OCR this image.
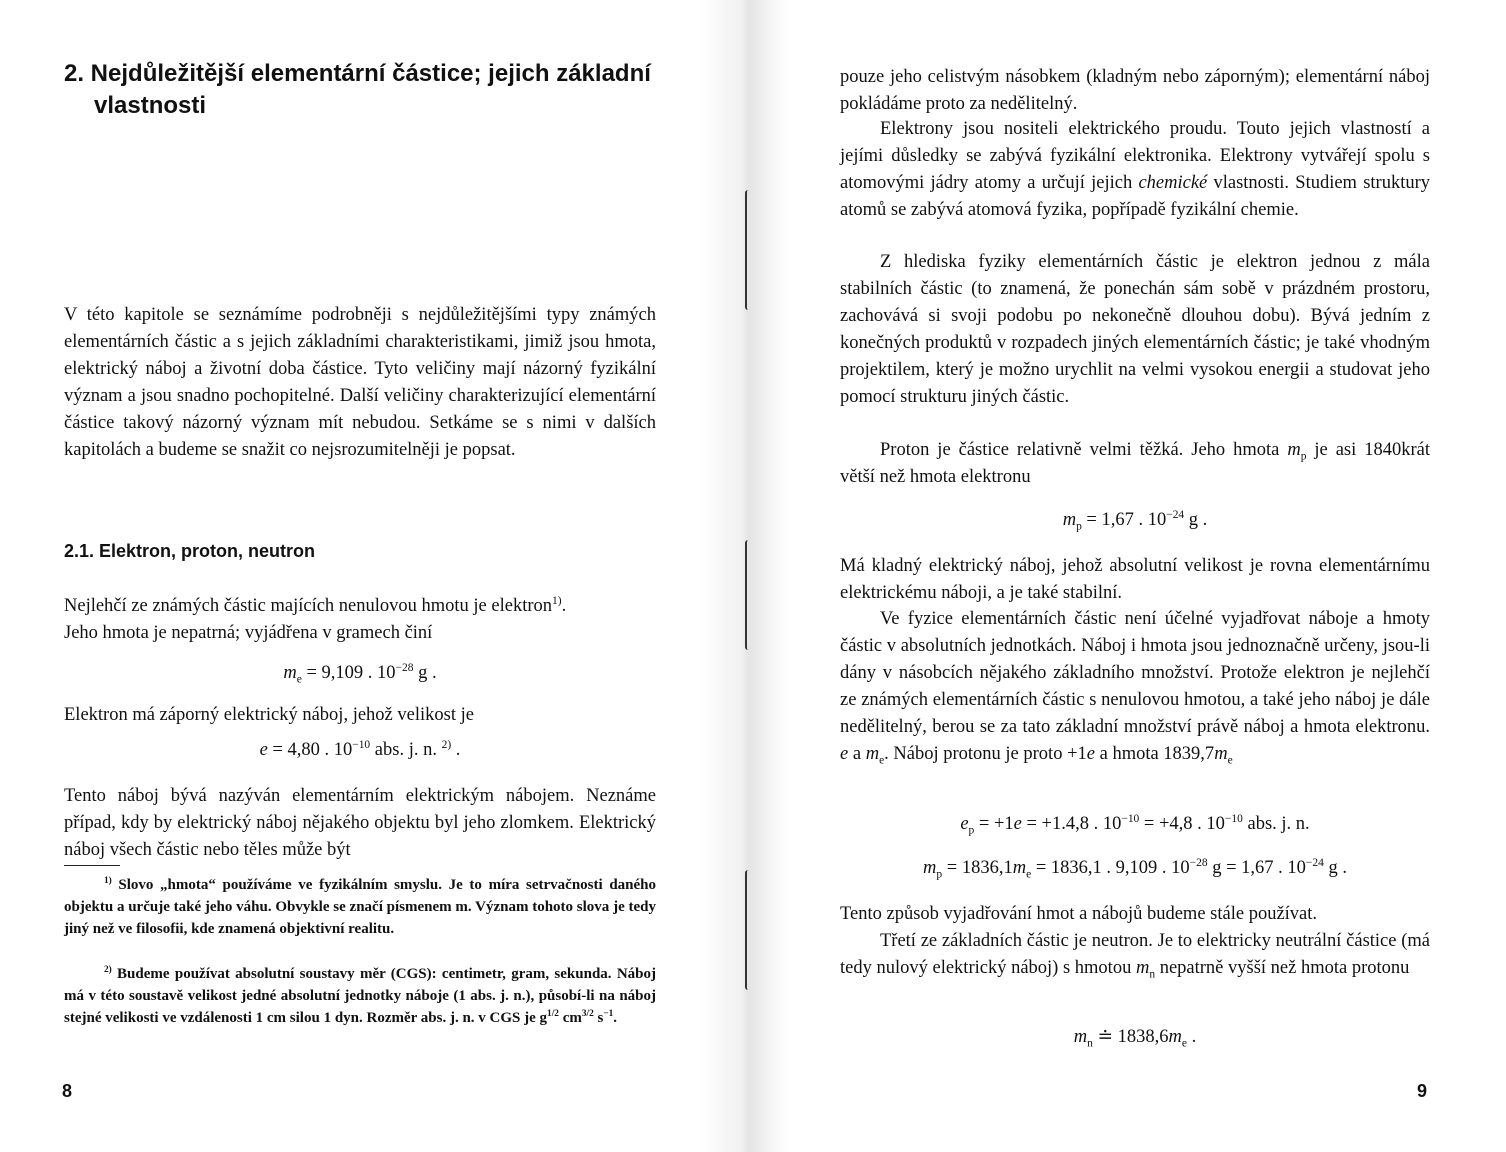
2. Nejdůležitější elementární částice; jejich základní vlastnosti

V této kapitole se seznámíme podrobněji s nejdůležitějšími typy známých elementárních částic a s jejich základními charakteristikami, jimiž jsou hmota, elektrický náboj a životní doba částice. Tyto veličiny mají názorný fyzikální význam a jsou snadno pochopitelné. Další veličiny charakterizující elementární částice takový názorný význam mít nebudou. Setkáme se s nimi v dalších kapitolách a budeme se snažit co nejsrozumitelněji je popsat.

2.1. Elektron, proton, neutron

Nejlehčí ze známých částic majících nenulovou hmotu je elektron$^{1)}$.
Jeho hmota je nepatrná; vyjádřena v gramech činí

$m_e = 9,109$ . $10^{-28}$ g .

Elektron má záporný elektrický náboj, jehož velikost je

e = 4,80 . $10^{-10}$ abs. j. n. $^{2)}$ .

Tento náboj bývá nazýván elementárním elektrickým nábojem. Neznáme případ, kdy by elektrický náboj nějakého objektu byl jeho zlomkem. Elektrický náboj všech částic nebo těles může být

$^{1)}$ Slovo „hmota“ používáme ve fyzikálním smyslu. Je to míra setrvačnosti daného objektu a určuje také jeho váhu. Obvykle se značí písmenem m. Význam tohoto slova je tedy jiný než ve filosofii, kde znamená objektivní realitu.

$^{2)}$ Budeme používat absolutní soustavy měr (CGS): centimetr, gram, sekunda. Náboj má v této soustavě velikost jedné absolutní jednotky náboje (1 abs. j. n.), působí-li na náboj stejné velikosti ve vzdálenosti 1 cm silou 1 dyn. Rozměr abs. j. n. v CGS je $g^{1/2}$ $cm^{3/2}$ $s^{-1}$.

8

pouze jeho celistvým násobkem (kladným nebo záporným); elementární náboj pokládáme proto za nedělitelný.

Elektrony jsou nositeli elektrického proudu. Touto jejich vlastností a jejími důsledky se zabývá fyzikální elektronika. Elektrony vytvářejí spolu s atomovými jádry atomy a určují jejich chemické vlastnosti. Studiem struktury atomů se zabývá atomová fyzika, popřípadě fyzikální chemie.

Z hlediska fyziky elementárních částic je elektron jednou z mála stabilních částic (to znamená, že ponechán sám sobě v prázdném prostoru, zachovává si svoji podobu po nekonečně dlouhou dobu). Bývá jedním z konečných produktů v rozpadech jiných elementárních částic; je také vhodným projektilem, který je možno urychlit na velmi vysokou energii a studovat jeho pomocí strukturu jiných částic.

Proton je částice relativně velmi těžká. Jeho hmota $m_p$ je asi 1840krát větší než hmota elektronu

$m_p = 1,67$ . $10^{-24}$ g .

Má kladný elektrický náboj, jehož absolutní velikost je rovna elementárnímu elektrickému náboji, a je také stabilní.

Ve fyzice elementárních částic není účelné vyjadřovat náboje a hmoty částic v absolutních jednotkách. Náboj i hmota jsou jednoznačně určeny, jsou-li dány v násobcích nějakého základního množství. Protože elektron je nejlehčí ze známých elementárních částic s nenulovou hmotou, a také jeho náboj je dále nedělitelný, berou se za tato základní množství právě náboj a hmota elektronu. e a $m_e$. Náboj protonu je proto +1e a hmota $1839,7m_e$

$e_p = +1e = +1.4,8$ . $10^{-10} = +4,8$ . $10^{-10}$ abs. j. n.
$m_p = 1836,1m_e = 1836,1$ . 9,109 . $10^{-28}$ g = 1,67 . $10^{-24}$ g .

Tento způsob vyjadřování hmot a nábojů budeme stále používat.

Třetí ze základních částic je neutron. Je to elektricky neutrální částice (má tedy nulový elektrický náboj) s hmotou $m_n$ nepatrně vyšší než hmota protonu

$m_n$ ≐ $1838,6m_e$ .
9
